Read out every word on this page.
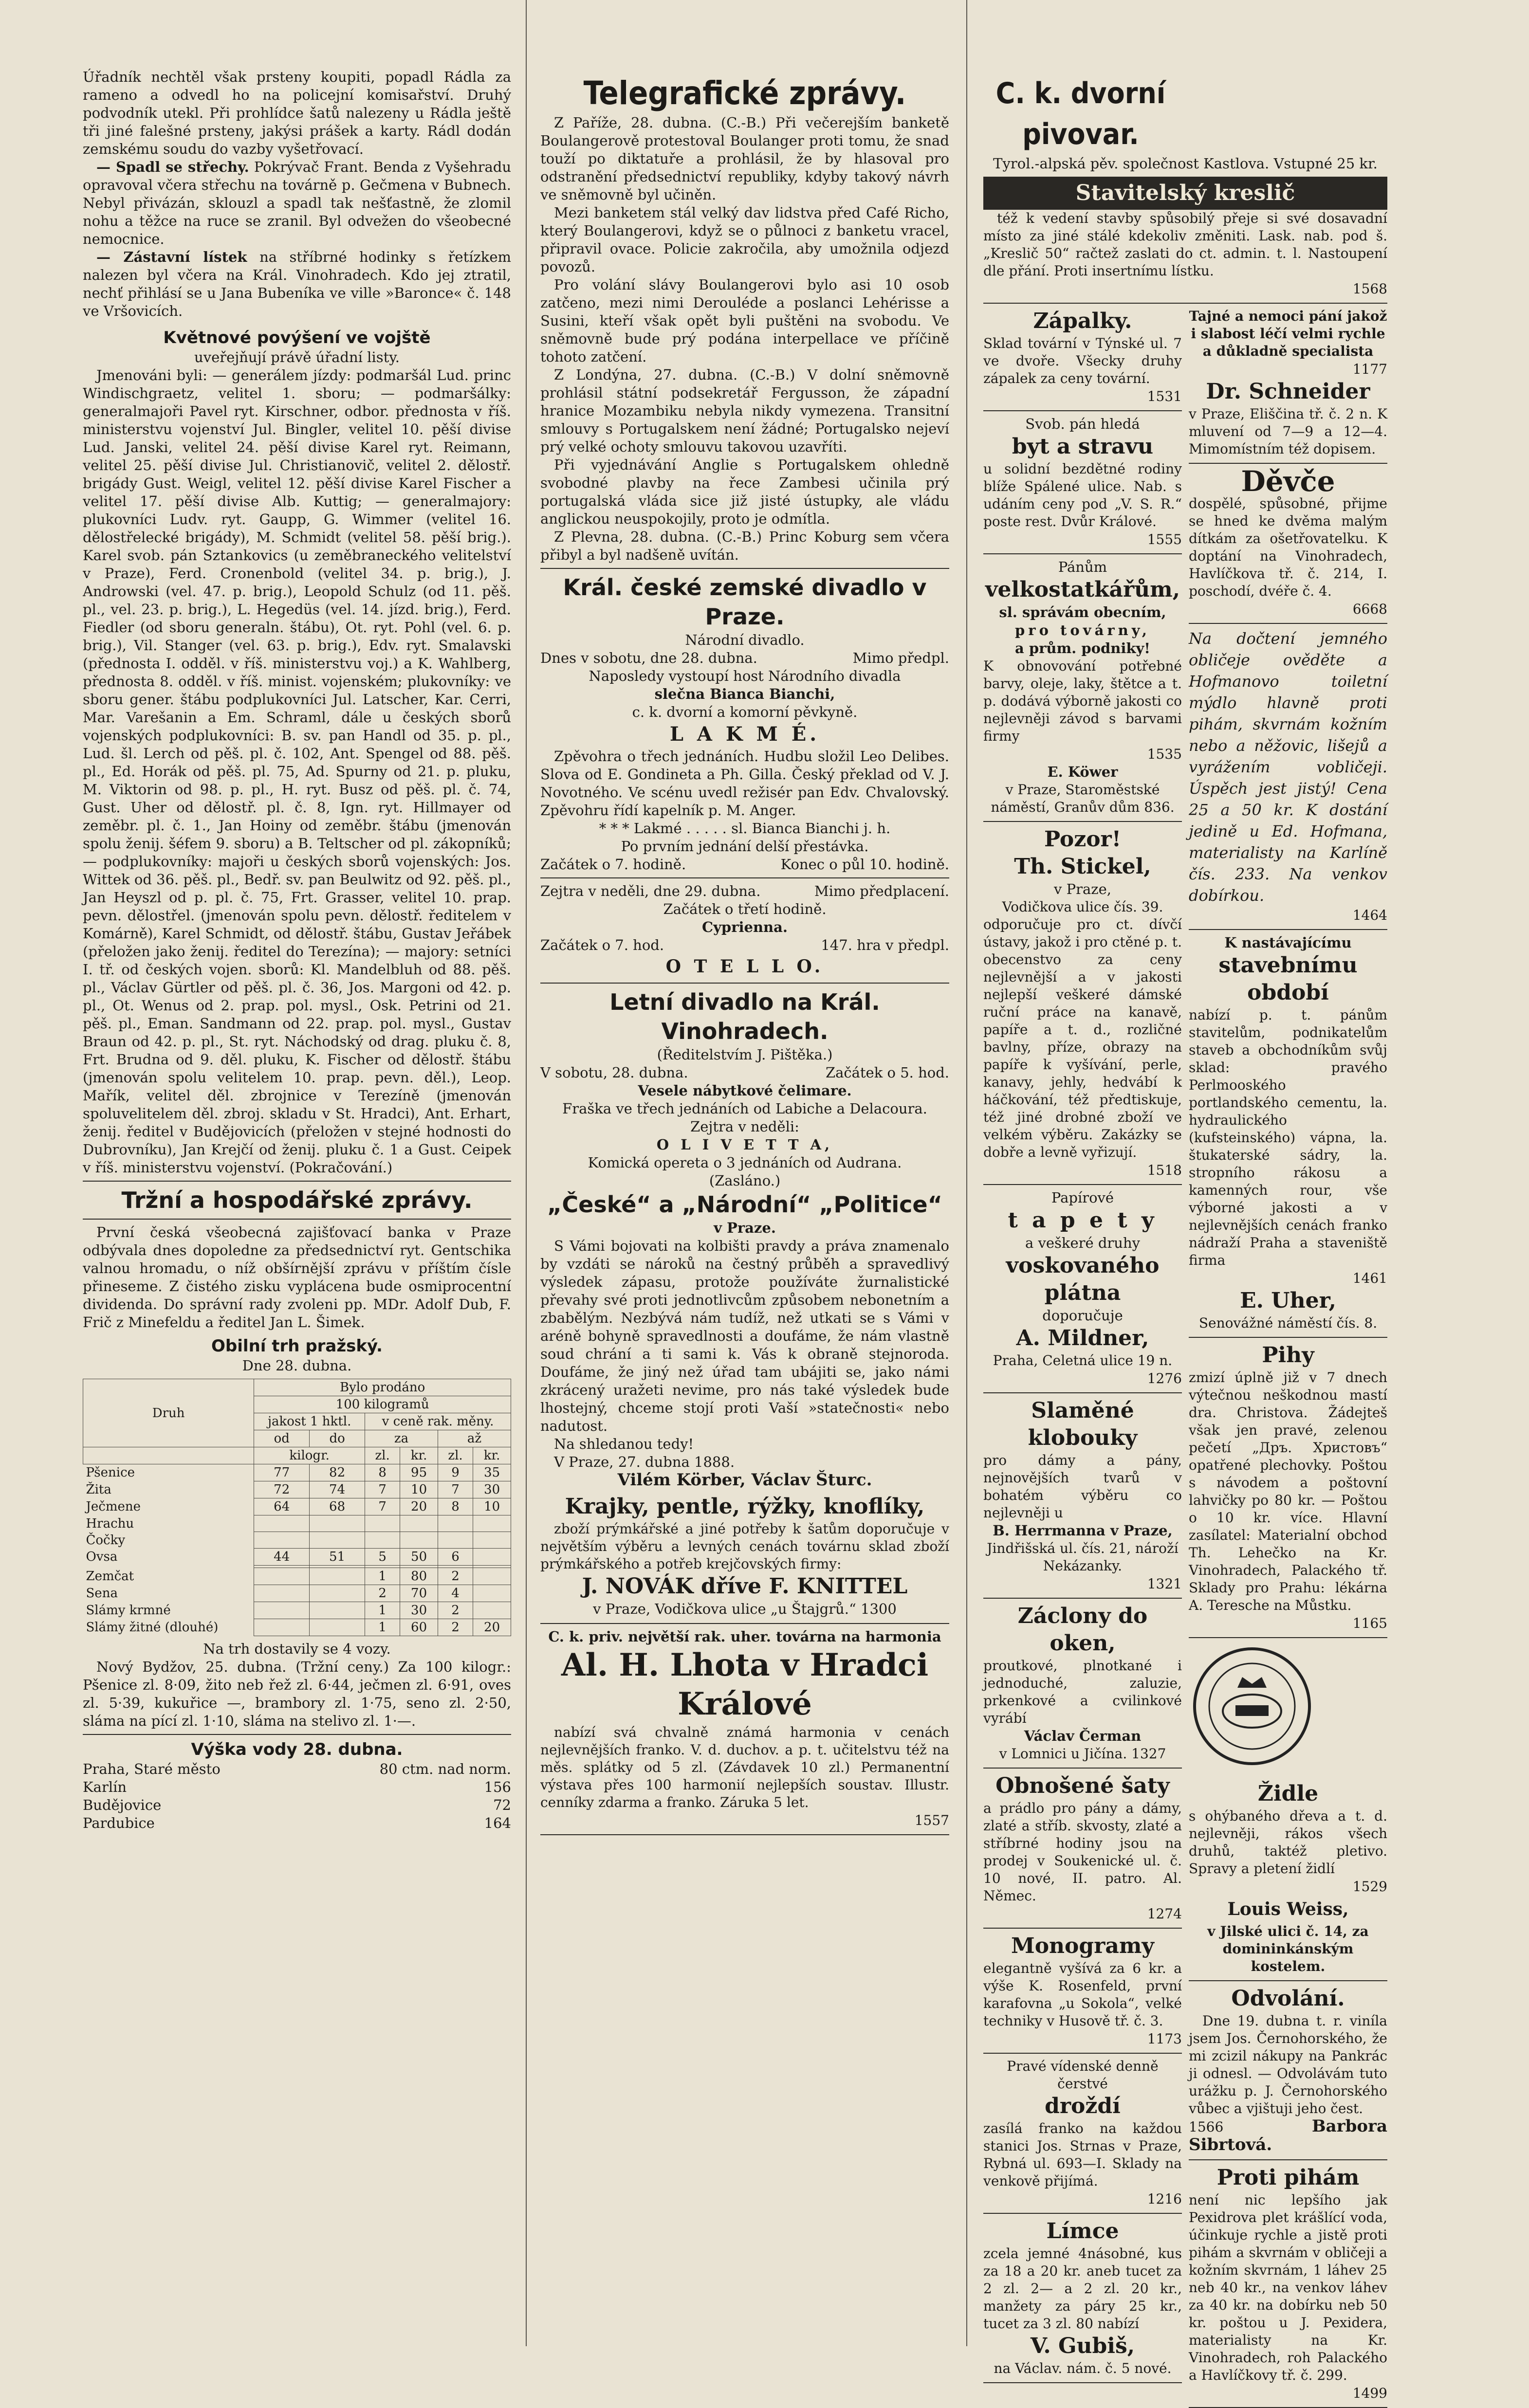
Úřadník nechtěl však prsteny koupiti, popadl Rádla za rameno a odvedl ho na policejní komisařství. Druhý podvodník utekl. Při prohlídce šatů nalezeny u Rádla ještě tři jiné falešné prsteny, jakýsi prášek a karty. Rádl dodán zemskému soudu do vazby vyšetřovací.

— Spadl se střechy. Pokrývač Frant. Benda z Vyšehradu opravoval včera střechu na továrně p. Gečmena v Bubnech. Nebyl přivázán, sklouzl a spadl tak nešťastně, že zlomil nohu a těžce na ruce se zranil. Byl odvežen do všeobecné nemocnice.

— Zástavní lístek na stříbrné hodinky s řetízkem nalezen byl včera na Král. Vinohradech. Kdo jej ztratil, nechť přihlásí se u Jana Bubeníka ve ville »Baronce« č. 148 ve Vršovicích.

Květnové povýšení ve vojště

uveřejňují právě úřadní listy.

Jmenováni byli: — generálem jízdy: podmaršál Lud. princ Windischgraetz, velitel 1. sboru; — podmaršálky: generalmajoři Pavel ryt. Kirschner, odbor. přednosta v říš. ministerstvu vojenství Jul. Bingler, velitel 10. pěší divise Lud. Janski, velitel 24. pěší divise Karel ryt. Reimann, velitel 25. pěší divise Jul. Christianovič, velitel 2. dělostř. brigády Gust. Weigl, velitel 12. pěší divise Karel Fischer a velitel 17. pěší divise Alb. Kuttig; — generalmajory: plukovníci Ludv. ryt. Gaupp, G. Wimmer (velitel 16. dělostřelecké brigády), M. Schmidt (velitel 58. pěší brig.). Karel svob. pán Sztankovics (u zeměbraneckého velitelství v Praze), Ferd. Cronenbold (velitel 34. p. brig.), J. Androwski (vel. 47. p. brig.), Leopold Schulz (od 11. pěš. pl., vel. 23. p. brig.), L. Hegedüs (vel. 14. jízd. brig.), Ferd. Fiedler (od sboru generaln. štábu), Ot. ryt. Pohl (vel. 6. p. brig.), Vil. Stanger (vel. 63. p. brig.), Edv. ryt. Smalavski (přednosta I. odděl. v říš. ministerstvu voj.) a K. Wahlberg, přednosta 8. odděl. v říš. minist. vojenském; plukovníky: ve sboru gener. štábu podplukovníci Jul. Latscher, Kar. Cerri, Mar. Varešanin a Em. Schraml, dále u českých sborů vojenských podplukovníci: B. sv. pan Handl od 35. p. pl., Lud. šl. Lerch od pěš. pl. č. 102, Ant. Spengel od 88. pěš. pl., Ed. Horák od pěš. pl. 75, Ad. Spurny od 21. p. pluku, M. Viktorin od 98. p. pl., H. ryt. Busz od pěš. pl. č. 74, Gust. Uher od dělostř. pl. č. 8, Ign. ryt. Hillmayer od zeměbr. pl. č. 1., Jan Hoiny od zeměbr. štábu (jmenován spolu ženij. šéfem 9. sboru) a B. Teltscher od pl. zákopníků; — podplukovníky: majoři u českých sborů vojenských: Jos. Wittek od 36. pěš. pl., Bedř. sv. pan Beulwitz od 92. pěš. pl., Jan Heyszl od p. pl. č. 75, Frt. Grasser, velitel 10. prap. pevn. dělostřel. (jmenován spolu pevn. dělostř. ředitelem v Komárně), Karel Schmidt, od dělostř. štábu, Gustav Jeřábek (přeložen jako ženij. ředitel do Terezína); — majory: setníci I. tř. od českých vojen. sborů: Kl. Mandelbluh od 88. pěš. pl., Václav Gürtler od pěš. pl. č. 36, Jos. Margoni od 42. p. pl., Ot. Wenus od 2. prap. pol. mysl., Osk. Petrini od 21. pěš. pl., Eman. Sandmann od 22. prap. pol. mysl., Gustav Braun od 42. p. pl., St. ryt. Náchodský od drag. pluku č. 8, Frt. Brudna od 9. děl. pluku, K. Fischer od dělostř. štábu (jmenován spolu velitelem 10. prap. pevn. děl.), Leop. Mařík, velitel děl. zbrojnice v Terezíně (jmenován spoluvelitelem děl. zbroj. skladu v St. Hradci), Ant. Erhart, ženij. ředitel v Budějovicích (přeložen v stejné hodnosti do Dubrovníku), Jan Krejčí od ženij. pluku č. 1 a Gust. Ceipek v říš. ministerstvu vojenství. (Pokračování.)

Tržní a hospodářské zprávy.

První česká všeobecná zajišťovací banka v Praze odbývala dnes dopoledne za předsednictví ryt. Gentschika valnou hromadu, o níž obšírnější zprávu v příštím čísle přineseme. Z čistého zisku vyplácena bude osmiprocentní dividenda. Do správní rady zvoleni pp. MDr. Adolf Dub, F. Frič z Minefeldu a ředitel Jan L. Šimek.

Obilní trh pražský.

Dne 28. dubna.

Druh	Bylo prodáno					
	100 kilogramů					
	jakost 1 hktl.		v ceně rak. měny.			
	od	do	za		až	
	kilogr.		zl.	kr.	zl.	kr.
Pšenice	77	82	8	95	9	35
Žita	72	74	7	10	7	30
Ječmene	64	68	7	20	8	10
Hrachu						
Čočky						
Ovsa	44	51	5	50	6	

Zemčat			1	80	2	
Sena			2	70	4	
Slámy krmné			1	30	2	
Slámy žitné (dlouhé)			1	60	2	20

Na trh dostavily se 4 vozy.

Nový Bydžov, 25. dubna. (Tržní ceny.) Za 100 kilogr.: Pšenice zl. 8·09, žito neb řež zl. 6·44, ječmen zl. 6·91, oves zl. 5·39, kukuřice —, brambory zl. 1·75, seno zl. 2·50, sláma na pící zl. 1·10, sláma na stelivo zl. 1·—.

Výška vody 28. dubna.

Praha, Staré město	80 ctm. nad norm.

Karlín	156

Budějovice	72

Pardubice	164

Telegrafické zprávy.

Z Paříže, 28. dubna. (C.-B.) Při večerejším banketě Boulangerově protestoval Boulanger proti tomu, že snad touží po diktatuře a prohlásil, že by hlasoval pro odstranění předsednictví republiky, kdyby takový návrh ve sněmovně byl učiněn.

Mezi banketem stál velký dav lidstva před Café Richo, který Boulangerovi, když se o půlnoci z banketu vracel, připravil ovace. Policie zakročila, aby umožnila odjezd povozů.

Pro volání slávy Boulangerovi bylo asi 10 osob zatčeno, mezi nimi Derouléde a poslanci Lehérisse a Susini, kteří však opět byli puštěni na svobodu. Ve sněmovně bude prý podána interpellace ve příčině tohoto zatčení.

Z Londýna, 27. dubna. (C.-B.) V dolní sněmovně prohlásil státní podsekretář Fergusson, že západní hranice Mozambiku nebyla nikdy vymezena. Transitní smlouvy s Portugalskem není žádné; Portugalsko nejeví prý velké ochoty smlouvu takovou uzavříti.

Při vyjednávání Anglie s Portugalskem ohledně svobodné plavby na řece Zambesi učinila prý portugalská vláda sice již jisté ústupky, ale vládu anglickou neuspokojily, proto je odmítla.

Z Plevna, 28. dubna. (C.-B.) Princ Koburg sem včera přibyl a byl nadšeně uvítán.

Král. české zemské divadlo v Praze.

Národní divadlo.

Dnes v sobotu, dne 28. dubna.	Mimo předpl.

Naposledy vystoupí host Národního divadla

slečna Bianca Bianchi,

c. k. dvorní a komorní pěvkyně.

L A K M É.

Zpěvohra o třech jednáních. Hudbu složil Leo Delibes. Slova od E. Gondineta a Ph. Gilla. Český překlad od V. J. Novotného. Ve scénu uvedl režisér pan Edv. Chvalovský. Zpěvohru řídí kapelník p. M. Anger.

* * * Lakmé . . . . . sl. Bianca Bianchi j. h.

Po prvním jednání delší přestávka.

Začátek o 7. hodině.	Konec o půl 10. hodině.

Zejtra v neděli, dne 29. dubna.	Mimo předplacení.

Začátek o třetí hodině.

Cyprienna.

Začátek o 7. hod.	147. hra v předpl.

O T E L L O.

Letní divadlo na Král. Vinohradech.

(Ředitelstvím J. Pištěka.)

V sobotu, 28. dubna.	Začátek o 5. hod.

Vesele nábytkové čelimare.

Fraška ve třech jednáních od Labiche a Delacoura.

Zejtra v neděli:

O L I V E T T A,

Komická opereta o 3 jednáních od Audrana.

(Zasláno.)

„České“ a „Národní“ „Politice“

v Praze.

S Vámi bojovati na kolbišti pravdy a práva znamenalo by vzdáti se nároků na čestný průběh a spravedlivý výsledek zápasu, protože používáte žurnalistické převahy své proti jednotlivcům způsobem nebonetním a zbabělým. Nezbývá nám tudíž, než utkati se s Vámi v aréně bohyně spravedlnosti a doufáme, že nám vlastně soud chrání a ti sami k. Vás k obraně stejnoroda. Doufáme, že jiný než úřad tam ubájiti se, jako námi zkrácený uražeti nevime, pro nás také výsledek bude lhostejný, chceme stojí proti Vaší »statečnosti« nebo nadutost.

Na shledanou tedy!

V Praze, 27. dubna 1888.

Vilém Körber, Václav Šturc.

Krajky, pentle, rýžky, knoflíky,

zboží prýmkářské a jiné potřeby k šatům doporučuje v největším výběru a levných cenách továrnu sklad zboží prýmkářského a potřeb krejčovských firmy:

J. NOVÁK dříve F. KNITTEL

v Praze, Vodičkova ulice „u Štajgrů.“ 1300

C. k. priv. největší rak. uher. továrna na harmonia

Al. H. Lhota v Hradci Králové

nabízí svá chvalně známá harmonia v cenách nejlevnějších franko. V. d. duchov. a p. t. učitelstvu též na měs. splátky od 5 zl. (Závdavek 10 zl.) Permanentní výstava přes 100 harmonií nejlepších soustav. Illustr. cenníky zdarma a franko. Záruka 5 let.

1557

C. k. dvorní pivovar.

Tyrol.-alpská pěv. společnost Kastlova. Vstupné 25 kr.

Stavitelský kreslič

též k vedení stavby spůsobilý přeje si své dosavadní místo za jiné stálé kdekoliv změniti. Lask. nab. pod š. „Kreslič 50“ račtež zaslati do ct. admin. t. l. Nastoupení dle přání. Proti insertnímu lístku.

1568

Zápalky.

Sklad tovární v Týnské ul. 7 ve dvoře. Všecky druhy zápalek za ceny tovární.

1531

Svob. pán hledá

byt a stravu

u solidní bezdětné rodiny blíže Spálené ulice. Nab. s udáním ceny pod „V. S. R.“ poste rest. Dvůr Králové.

1555

Pánům

velkostatkářům,

sl. správám obecním,

pro továrny,

a prům. podniky!

K obnovování potřebné barvy, oleje, laky, štětce a t. p. dodává výborně jakosti co nejlevněji závod s barvami firmy

1535

E. Köwer

v Praze, Staroměstské náměstí, Granův dům 836.

Pozor!
Th. Stickel,

v Praze,

Vodičkova ulice čís. 39.

odporučuje pro ct. dívčí ústavy, jakož i pro ctěné p. t. obecenstvo za ceny nejlevnější a v jakosti nejlepší veškeré dámské ruční práce na kanavě, papíře a t. d., rozličné bavlny, příze, obrazy na papíře k vyšívání, perle, kanavy, jehly, hedvábí k háčkování, též předtiskuje, též jiné drobné zboží ve velkém výběru. Zakázky se dobře a levně vyřizují.

1518

Papírové

t a p e t y

a veškeré druhy

voskovaného plátna

doporučuje

A. Mildner,

Praha, Celetná ulice 19 n.

1276

Slaměné klobouky

pro dámy a pány, nejnovějších tvarů v bohatém výběru co nejlevněji u

B. Herrmanna v Praze,

Jindřišská ul. čís. 21, nároží Nekázanky.

1321

Záclony do oken,

proutkové, plnotkané i jednoduché, zaluzie, prkenkové a cvilinkové vyrábí

Václav Čerman

v Lomnici u Jičína. 1327

Obnošené šaty

a prádlo pro pány a dámy, zlaté a stříb. skvosty, zlaté a stříbrné hodiny jsou na prodej v Soukenické ul. č. 10 nové, II. patro. Al. Němec.

1274

Monogramy

elegantně vyšívá za 6 kr. a výše K. Rosenfeld, první karafovna „u Sokola“, velké techniky v Husově tř. č. 3.

1173

Pravé vídenské denně čerstvé

droždí

zasílá franko na každou stanici Jos. Strnas v Praze, Rybná ul. 693—I. Sklady na venkově přijímá.

1216

Límce

zcela jemné 4násobné, kus za 18 a 20 kr. aneb tucet za 2 zl. 2— a 2 zl. 20 kr., manžety za páry 25 kr., tucet za 3 zl. 80 nabízí

V. Gubiš,

na Václav. nám. č. 5 nové.

Tajné a nemoci pání jakož i slabost léčí velmi rychle a důkladně specialista

1177

Dr. Schneider

v Praze, Eliščina tř. č. 2 n. K mluvení od 7—9 a 12—4. Mimomístním též dopisem.

Děvče

dospělé, spůsobné, přijme se hned ke dvěma malým dítkám za ošetřovatelku. K doptání na Vinohradech, Havlíčkova tř. č. 214, I. poschodí, dvéře č. 4.

6668

Na dočtení jemného obličeje ověděte a Hofmanovo toiletní mýdlo hlavně proti pihám, skvrnám kožním nebo a něžovic, lišejů a vyrážením vobličeji. Úspěch jest jistý! Cena 25 a 50 kr. K dostání jedině u Ed. Hofmana, materialisty na Karlíně čís. 233. Na venkov dobírkou.

1464

K nastávajícímu

stavebnímu období

nabízí p. t. pánům stavitelům, podnikatelům staveb a obchodníkům svůj sklad: pravého Perlmooského portlandského cementu, la. hydraulického (kufsteinského) vápna, la. štukaterské sádry, la. stropního rákosu a kamenných rour, vše výborné jakosti a v nejlevnějších cenách franko nádraží Praha a staveniště firma

1461

E. Uher,

Senovážné náměstí čís. 8.

Pihy

zmizí úplně již v 7 dnech výtečnou neškodnou mastí dra. Christova. Žádejteš však jen pravé, zelenou pečetí „Дръ. Христовъ“ opatřené plechovky. Poštou s návodem a poštovní lahvičky po 80 kr. — Poštou o 10 kr. více. Hlavní zasílatel: Materialní obchod Th. Lehečko na Kr. Vinohradech, Palackého tř. Sklady pro Prahu: lékárna A. Teresche na Můstku.

1165

Židle

s ohýbaného dřeva a t. d. nejlevněji, rákos všech druhů, taktéž pletivo. Spravy a pletení židlí

1529

Louis Weiss,

v Jilské ulici č. 14, za domininkánským kostelem.

Odvolání.

Dne 19. dubna t. r. viníla jsem Jos. Černohorského, že mi zcizil nákupy na Pankrác ji odnesl. — Odvolávám tuto urážku p. J. Černohorského vůbec a vjištuji jeho čest.

1566	Barbora Sibrtová.

Proti pihám

není nic lepšího jak Pexidrova plet krášlící voda, účinkuje rychle a jistě proti pihám a skvrnám v obličeji a kožním skvrnám, 1 láhev 25 neb 40 kr., na venkov láhev za 40 kr. na dobírku neb 50 kr. poštou u J. Pexidera, materialisty na Kr. Vinohradech, roh Palackého a Havlíčkovy tř. č. 299.

1499
